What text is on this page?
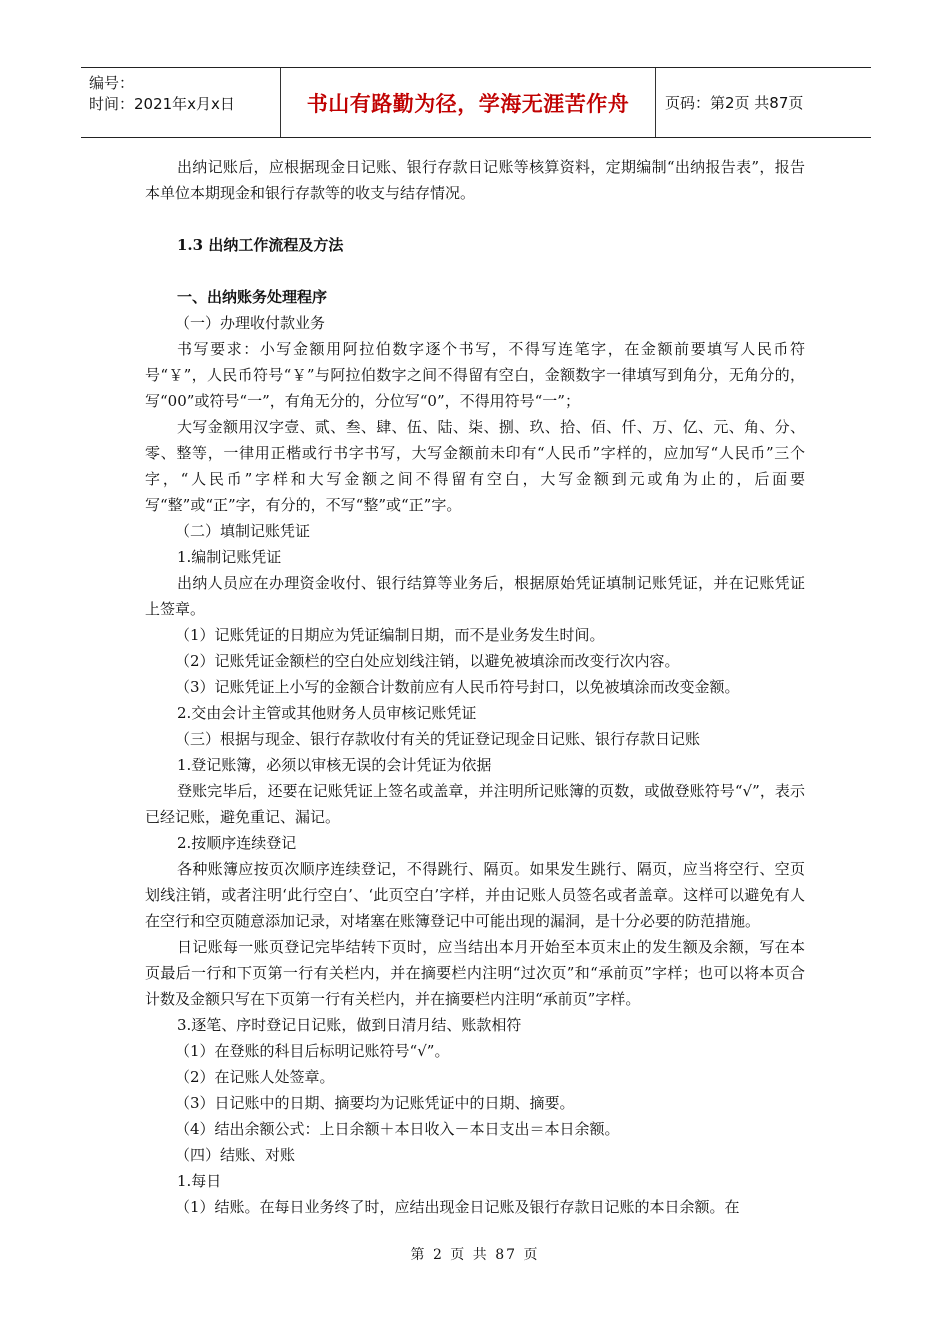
编号：
时间：2021年x月x日	书山有路勤为径，学海无涯苦作舟 页码：第2页 共87页

出纳记账后，应根据现金日记账、银行存款日记账等核算资料，定期编制“出纳报告表”，报告本单位本期现金和银行存款等的收支与结存情况。

1.3 出纳工作流程及方法

一、出纳账务处理程序

（一）办理收付款业务

书写要求：小写金额用阿拉伯数字逐个书写，不得写连笔字，在金额前要填写人民币符号“￥”，人民币符号“￥”与阿拉伯数字之间不得留有空白，金额数字一律填写到角分，无角分的，写“00”或符号“一”，有角无分的，分位写“0”，不得用符号“一”；

大写金额用汉字壹、贰、叁、肆、伍、陆、柒、捌、玖、拾、佰、仟、万、亿、元、角、分、零、整等，一律用正楷或行书字书写，大写金额前未印有“人民币”字样的，应加写“人民币”三个字，“人民币”字样和大写金额之间不得留有空白，大写金额到元或角为止的，后面要写“整”或“正”字，有分的，不写“整”或“正”字。

（二）填制记账凭证

1.编制记账凭证

出纳人员应在办理资金收付、银行结算等业务后，根据原始凭证填制记账凭证，并在记账凭证上签章。

（1）记账凭证的日期应为凭证编制日期，而不是业务发生时间。

（2）记账凭证金额栏的空白处应划线注销，以避免被填涂而改变行次内容。

（3）记账凭证上小写的金额合计数前应有人民币符号封口，以免被填涂而改变金额。

2.交由会计主管或其他财务人员审核记账凭证

（三）根据与现金、银行存款收付有关的凭证登记现金日记账、银行存款日记账

1.登记账簿，必须以审核无误的会计凭证为依据

登账完毕后，还要在记账凭证上签名或盖章，并注明所记账簿的页数，或做登账符号“√”，表示已经记账，避免重记、漏记。

2.按顺序连续登记

各种账簿应按页次顺序连续登记，不得跳行、隔页。如果发生跳行、隔页，应当将空行、空页划线注销，或者注明‘此行空白’、‘此页空白’字样，并由记账人员签名或者盖章。这样可以避免有人在空行和空页随意添加记录，对堵塞在账簿登记中可能出现的漏洞，是十分必要的防范措施。

日记账每一账页登记完毕结转下页时，应当结出本月开始至本页末止的发生额及余额，写在本页最后一行和下页第一行有关栏内，并在摘要栏内注明“过次页”和“承前页”字样；也可以将本页合计数及金额只写在下页第一行有关栏内，并在摘要栏内注明“承前页”字样。

3.逐笔、序时登记日记账，做到日清月结、账款相符

（1）在登账的科目后标明记账符号“√”。

（2）在记账人处签章。

（3）日记账中的日期、摘要均为记账凭证中的日期、摘要。

（4）结出余额公式：上日余额＋本日收入－本日支出＝本日余额。

（四）结账、对账

1.每日

（1）结账。在每日业务终了时，应结出现金日记账及银行存款日记账的本日余额。在

第 2 页 共 87 页
